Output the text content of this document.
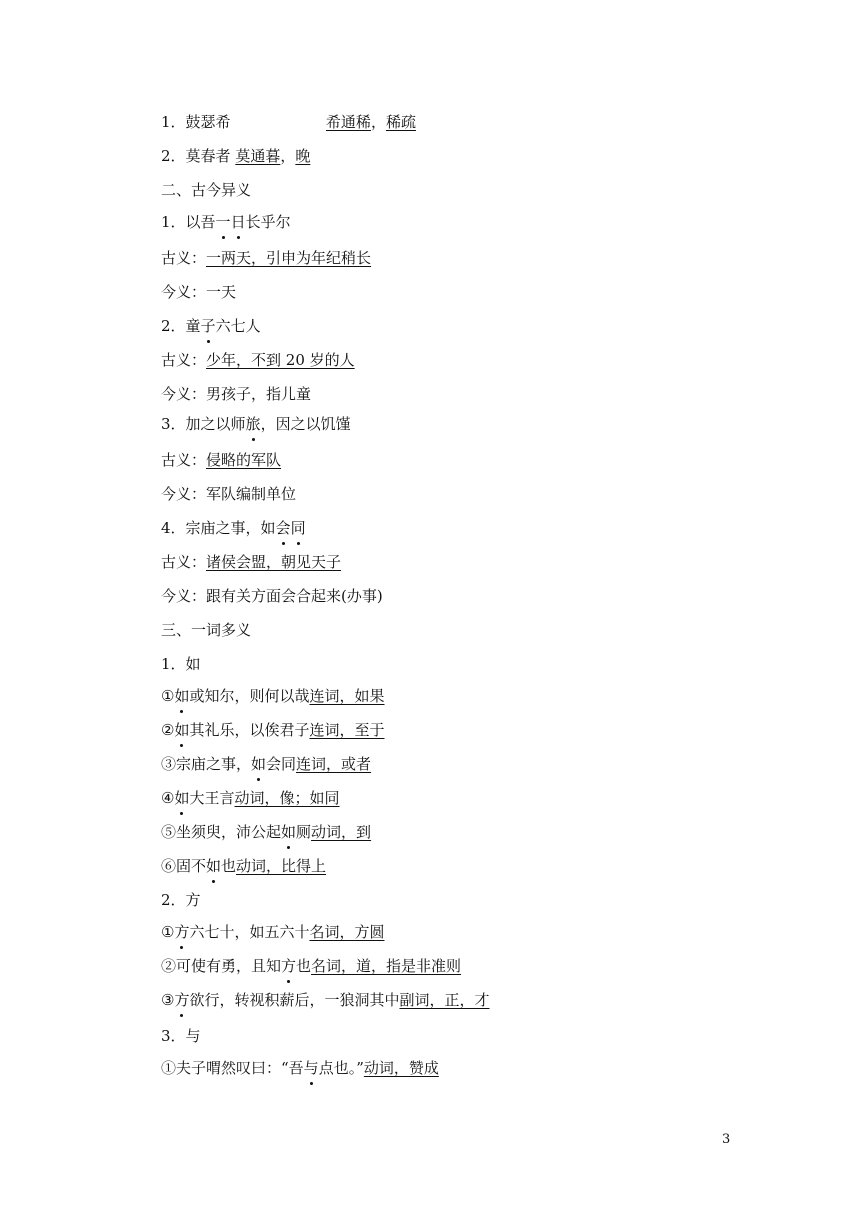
1．鼓瑟希	希通稀，稀疏
2．莫春者 莫通暮，晚
二、古今异义
1．以吾一日长乎尔
古义：一两天，引申为年纪稍长
今义：一天
2．童子六七人
古义：少年，不到 20 岁的人
今义：男孩子，指儿童
3．加之以师旅，因之以饥馑
古义：侵略的军队
今义：军队编制单位
4．宗庙之事，如会同
古义：诸侯会盟，朝见天子
今义：跟有关方面会合起来(办事)
三、一词多义
1．如
①如或知尔，则何以哉连词，如果
②如其礼乐，以俟君子连词，至于
③宗庙之事，如会同连词，或者
④如大王言动词，像；如同
⑤坐须臾，沛公起如厕动词，到
⑥固不如也动词，比得上
2．方
①方六七十，如五六十名词，方圆
②可使有勇，且知方也名词，道，指是非准则
③方欲行，转视积薪后，一狼洞其中副词，正，才
3．与
①夫子喟然叹曰：“吾与点也。”动词，赞成
3
